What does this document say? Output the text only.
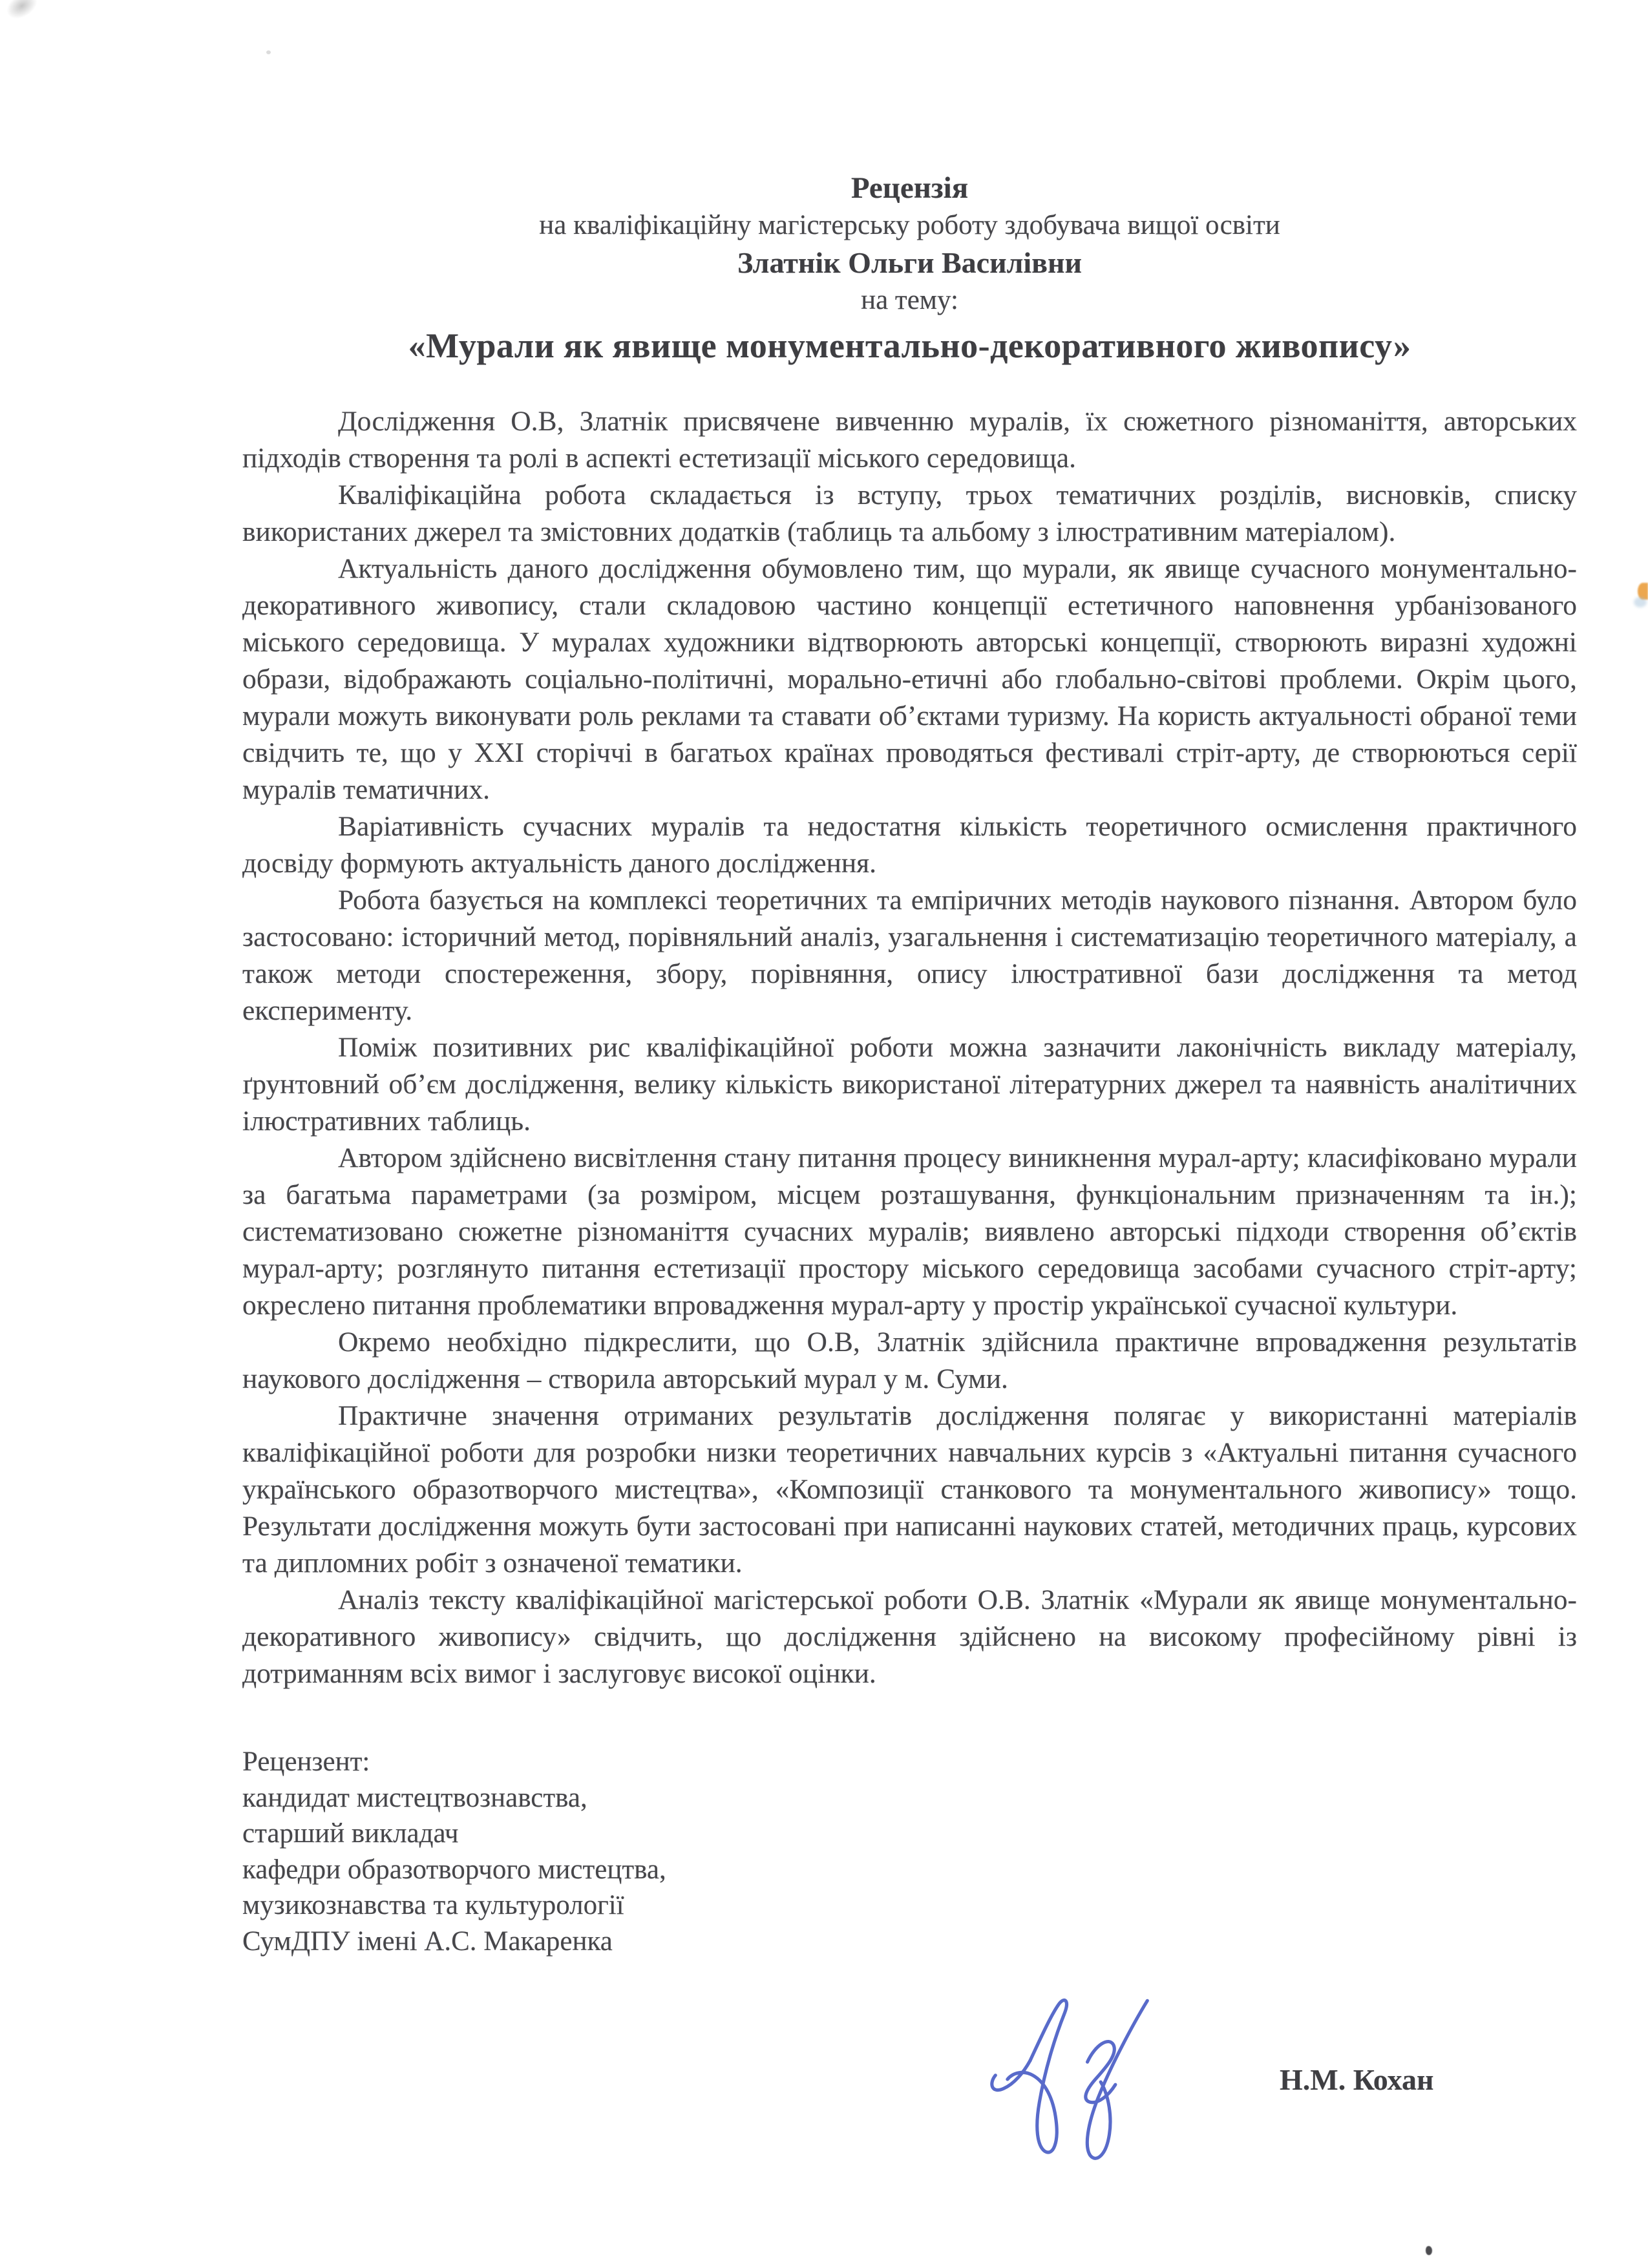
Рецензія
на кваліфікаційну магістерську роботу здобувача вищої освіти
Златнік Ольги Василівни
на тему:
«Мурали як явище монументально-декоративного живопису»

Дослідження О.В, Златнік присвячене вивченню муралів, їх сюжетного різноманіття, авторських підходів створення та ролі в аспекті естетизації міського середовища.

Кваліфікаційна робота складається із вступу, трьох тематичних розділів, висновків, списку використаних джерел та змістовних додатків (таблиць та альбому з ілюстративним матеріалом).

Актуальність даного дослідження обумовлено тим, що мурали, як явище сучасного монументально-декоративного живопису, стали складовою частино концепції естетичного наповнення урбанізованого міського середовища. У муралах художники відтворюють авторські концепції, створюють виразні художні образи, відображають соціально-політичні, морально-етичні або глобально-світові проблеми. Окрім цього, мурали можуть виконувати роль реклами та ставати об’єктами туризму. На користь актуальності обраної теми свідчить те, що у XXI сторіччі в багатьох країнах проводяться фестивалі стріт-арту, де створюються серії муралів тематичних.

Варіативність сучасних муралів та недостатня кількість теоретичного осмислення практичного досвіду формують актуальність даного дослідження.

Робота базується на комплексі теоретичних та емпіричних методів наукового пізнання. Автором було застосовано: історичний метод, порівняльний аналіз, узагальнення і систематизацію теоретичного матеріалу, а також методи спостереження, збору, порівняння, опису ілюстративної бази дослідження та метод експерименту.

Поміж позитивних рис кваліфікаційної роботи можна зазначити лаконічність викладу матеріалу, ґрунтовний об’єм дослідження, велику кількість використаної літературних джерел та наявність аналітичних ілюстративних таблиць.

Автором здійснено висвітлення стану питання процесу виникнення мурал-арту; класифіковано мурали за багатьма параметрами (за розміром, місцем розташування, функціональним призначенням та ін.); систематизовано сюжетне різноманіття сучасних муралів; виявлено авторські підходи створення об’єктів мурал-арту; розглянуто питання естетизації простору міського середовища засобами сучасного стріт-арту; окреслено питання проблематики впровадження мурал-арту у простір української сучасної культури.

Окремо необхідно підкреслити, що О.В, Златнік здійснила практичне впровадження результатів наукового дослідження – створила авторський мурал у м. Суми.

Практичне значення отриманих результатів дослідження полягає у використанні матеріалів кваліфікаційної роботи для розробки низки теоретичних навчальних курсів з «Актуальні питання сучасного українського образотворчого мистецтва», «Композиції станкового та монументального живопису» тощо. Результати дослідження можуть бути застосовані при написанні наукових статей, методичних праць, курсових та дипломних робіт з означеної тематики.

Аналіз тексту кваліфікаційної магістерської роботи О.В. Златнік «Мурали як явище монументально-декоративного живопису» свідчить, що дослідження здійснено на високому професійному рівні із дотриманням всіх вимог і заслуговує високої оцінки.

Рецензент:
кандидат мистецтвознавства,
старший викладач
кафедри образотворчого мистецтва,
музикознавства та культурології
СумДПУ імені А.С. Макаренка
Н.М. Кохан
